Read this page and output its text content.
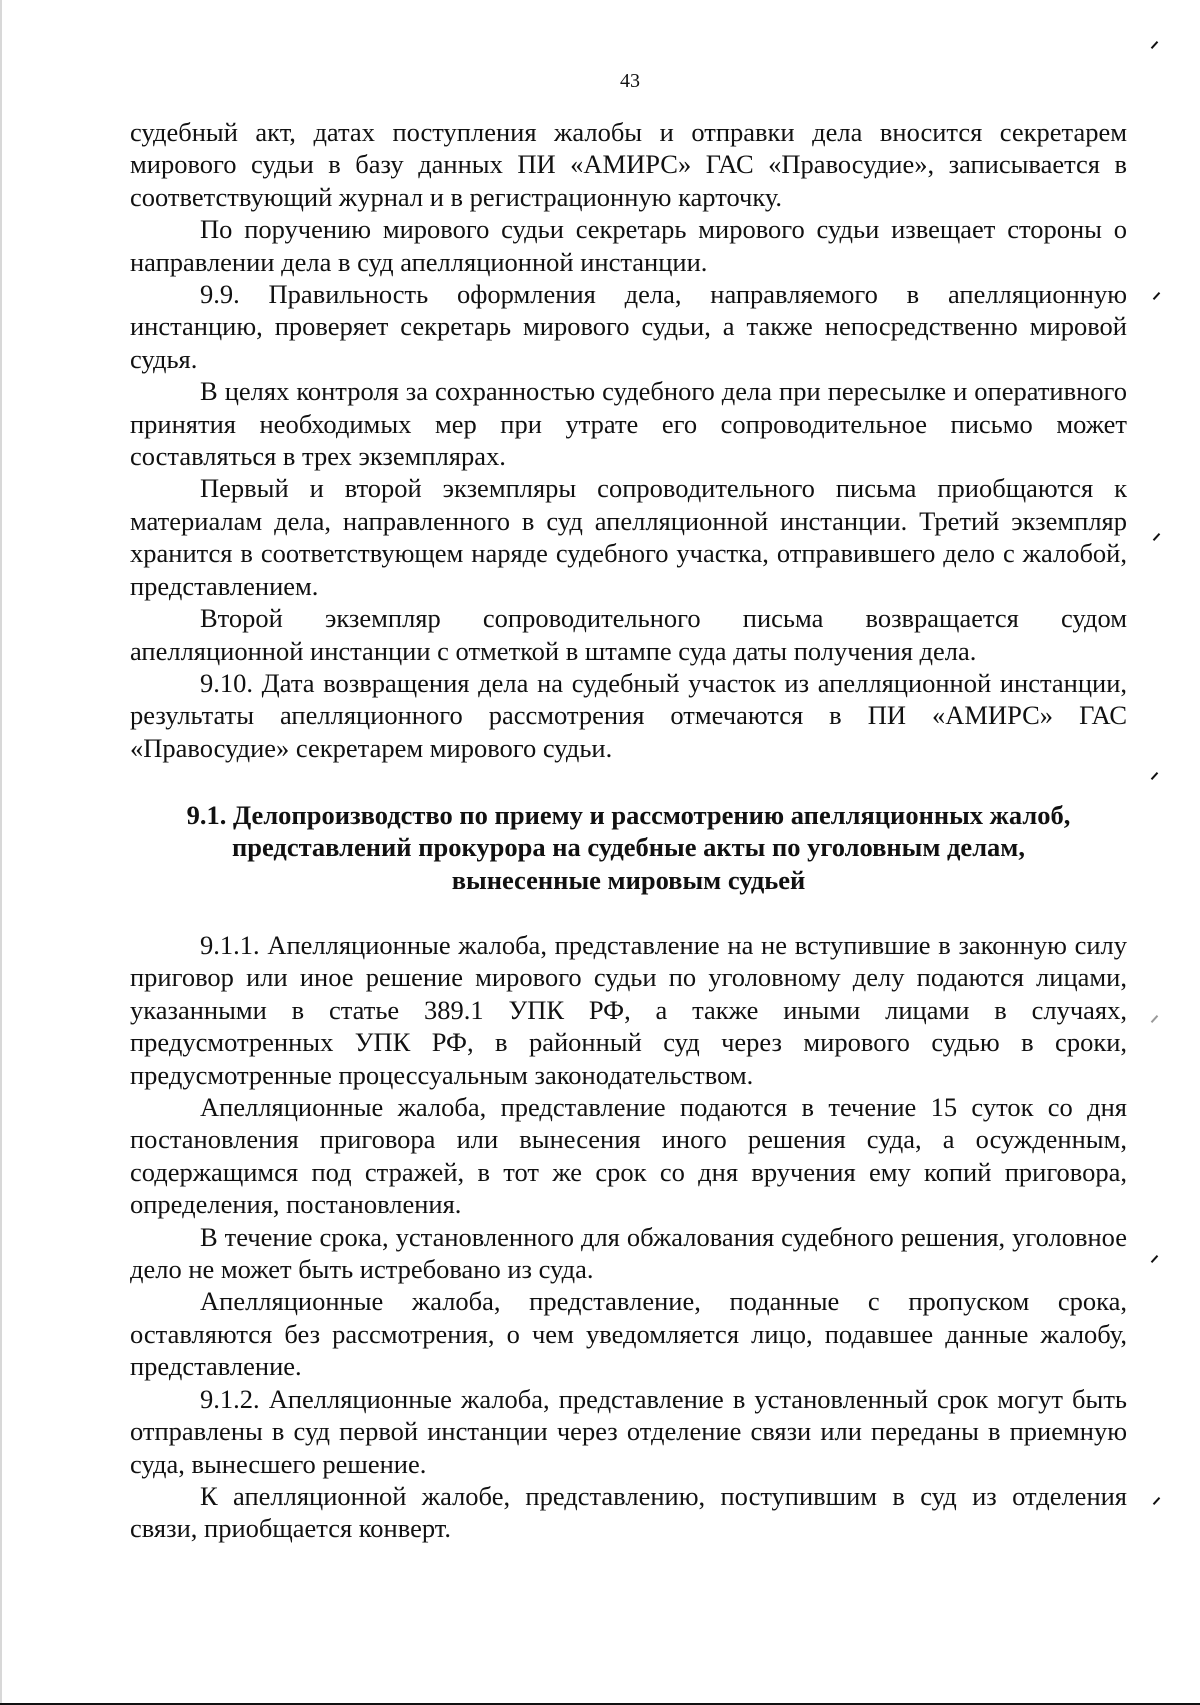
43

судебный акт, датах поступления жалобы и отправки дела вносится секретарем мирового судьи в базу данных ПИ «АМИРС» ГАС «Правосудие», записывается в соответствующий журнал и в регистрационную карточку.

По поручению мирового судьи секретарь мирового судьи извещает стороны о направлении дела в суд апелляционной инстанции.

9.9. Правильность оформления дела, направляемого в апелляционную инстанцию, проверяет секретарь мирового судьи, а также непосредственно мировой судья.

В целях контроля за сохранностью судебного дела при пересылке и оперативного принятия необходимых мер при утрате его сопроводительное письмо может составляться в трех экземплярах.

Первый и второй экземпляры сопроводительного письма приобщаются к материалам дела, направленного в суд апелляционной инстанции. Третий экземпляр хранится в соответствующем наряде судебного участка, отправившего дело с жалобой, представлением.

Второй экземпляр сопроводительного письма возвращается судом апелляционной инстанции с отметкой в штампе суда даты получения дела.

9.10. Дата возвращения дела на судебный участок из апелляционной инстанции, результаты апелляционного рассмотрения отмечаются в ПИ «АМИРС» ГАС «Правосудие» секретарем мирового судьи.

9.1. Делопроизводство по приему и рассмотрению апелляционных жалоб,
представлений прокурора на судебные акты по уголовным делам,
вынесенные мировым судьей

9.1.1. Апелляционные жалоба, представление на не вступившие в законную силу приговор или иное решение мирового судьи по уголовному делу подаются лицами, указанными в статье 389.1 УПК РФ, а также иными лицами в случаях, предусмотренных УПК РФ, в районный суд через мирового судью в сроки, предусмотренные процессуальным законодательством.

Апелляционные жалоба, представление подаются в течение 15 суток со дня постановления приговора или вынесения иного решения суда, а осужденным, содержащимся под стражей, в тот же срок со дня вручения ему копий приговора, определения, постановления.

В течение срока, установленного для обжалования судебного решения, уголовное дело не может быть истребовано из суда.

Апелляционные жалоба, представление, поданные с пропуском срока, оставляются без рассмотрения, о чем уведомляется лицо, подавшее данные жалобу, представление.

9.1.2. Апелляционные жалоба, представление в установленный срок могут быть отправлены в суд первой инстанции через отделение связи или переданы в приемную суда, вынесшего решение.

К апелляционной жалобе, представлению, поступившим в суд из отделения связи, приобщается конверт.
